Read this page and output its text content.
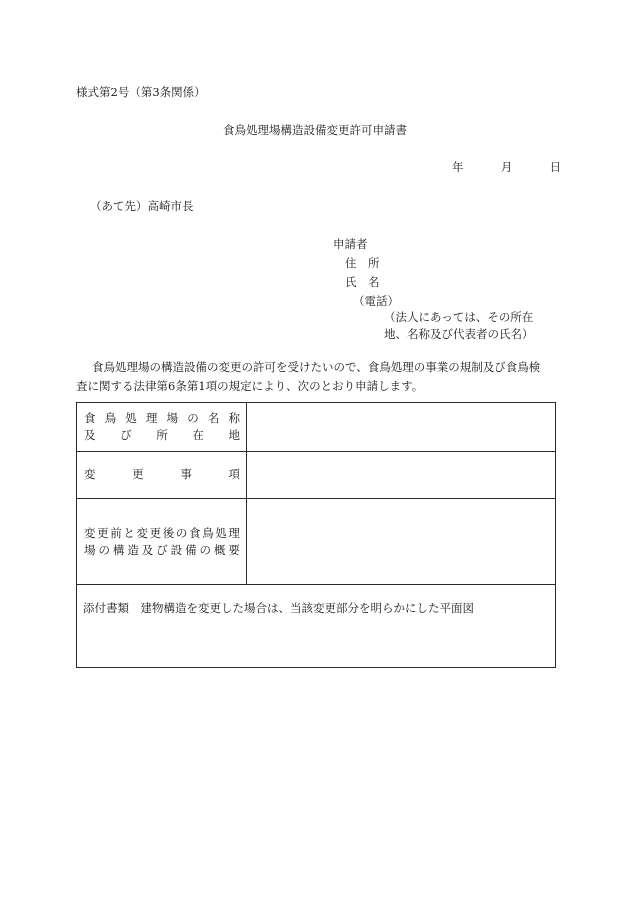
様式第2号（第3条関係）
食鳥処理場構造設備変更許可申請書
年	月	日
（あて先）高崎市長
申請者
住　所
氏　名
（電話）
（法人にあっては、その所在
地、名称及び代表者の氏名）
食鳥処理場の構造設備の変更の許可を受けたいので、食鳥処理の事業の規制及び食鳥検
査に関する法律第6条第1項の規定により、次のとおり申請します。
食 鳥 処 理 場 の 名 称
及 び 所 在 地
変	更	事	項
変 更 前 と 変 更 後 の 食 鳥 処 理
場 の 構 造 及 び 設 備 の 概 要
添付書類　建物構造を変更した場合は、当該変更部分を明らかにした平面図
